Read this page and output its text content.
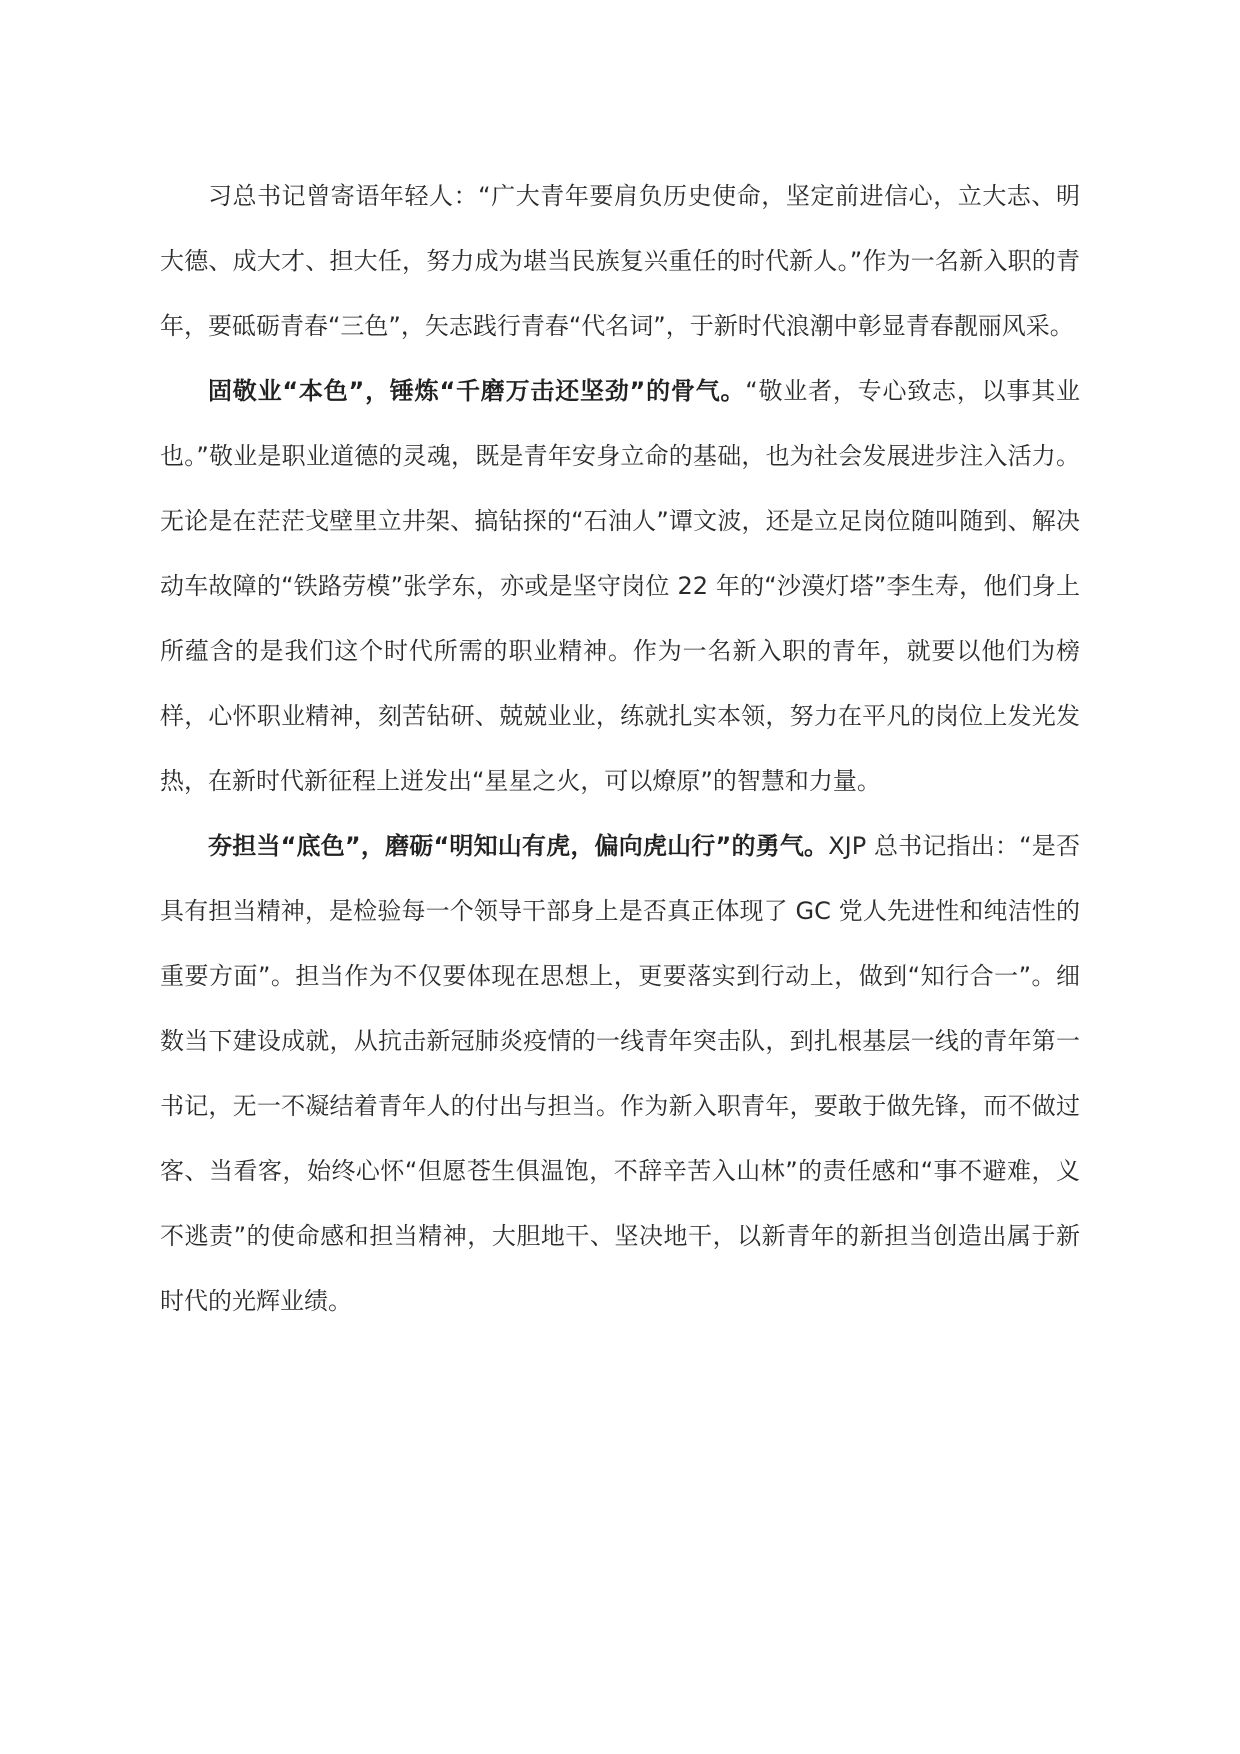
习总书记曾寄语年轻人：“广大青年要肩负历史使命，坚定前进信心，立大志、明大德、成大才、担大任，努力成为堪当民族复兴重任的时代新人。”作为一名新入职的青年，要砥砺青春“三色”，矢志践行青春“代名词”，于新时代浪潮中彰显青春靓丽风采。

固敬业“本色”，锤炼“千磨万击还坚劲”的骨气。“敬业者，专心致志，以事其业也。”敬业是职业道德的灵魂，既是青年安身立命的基础，也为社会发展进步注入活力。无论是在茫茫戈壁里立井架、搞钻探的“石油人”谭文波，还是立足岗位随叫随到、解决动车故障的“铁路劳模”张学东，亦或是坚守岗位 22 年的“沙漠灯塔”李生寿，他们身上所蕴含的是我们这个时代所需的职业精神。作为一名新入职的青年，就要以他们为榜样，心怀职业精神，刻苦钻研、兢兢业业，练就扎实本领，努力在平凡的岗位上发光发热，在新时代新征程上迸发出“星星之火，可以燎原”的智慧和力量。

夯担当“底色”，磨砺“明知山有虎，偏向虎山行”的勇气。XJP 总书记指出：“是否具有担当精神，是检验每一个领导干部身上是否真正体现了 GC 党人先进性和纯洁性的重要方面”。担当作为不仅要体现在思想上，更要落实到行动上，做到“知行合一”。细数当下建设成就，从抗击新冠肺炎疫情的一线青年突击队，到扎根基层一线的青年第一书记，无一不凝结着青年人的付出与担当。作为新入职青年，要敢于做先锋，而不做过客、当看客，始终心怀“但愿苍生俱温饱，不辞辛苦入山林”的责任感和“事不避难，义不逃责”的使命感和担当精神，大胆地干、坚决地干，以新青年的新担当创造出属于新时代的光辉业绩。
